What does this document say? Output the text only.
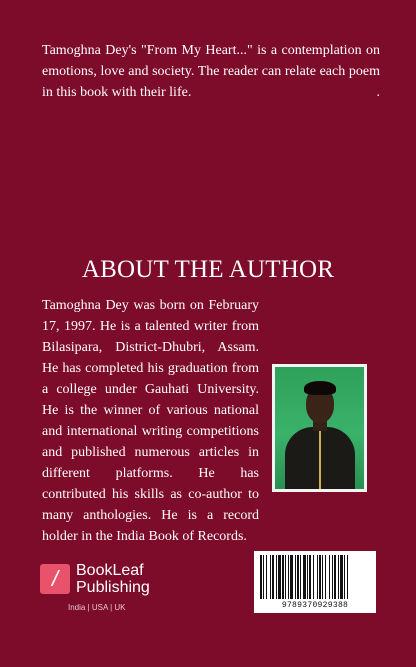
Tamoghna Dey's "From My Heart..." is a contemplation on emotions, love and society. The reader can relate each poem in this book with their life.	.
ABOUT THE AUTHOR
Tamoghna Dey was born on February 17, 1997. He is a talented writer from Bilasipara, District-Dhubri, Assam. He has completed his graduation from a college under Gauhati University. He is the winner of various national and international writing competitions and published numerous articles in different platforms. He has contributed his skills as co-author to many anthologies. He is a record holder in the India Book of Records.
/ BookLeaf
Publishing
India | USA | UK	9789370929388
